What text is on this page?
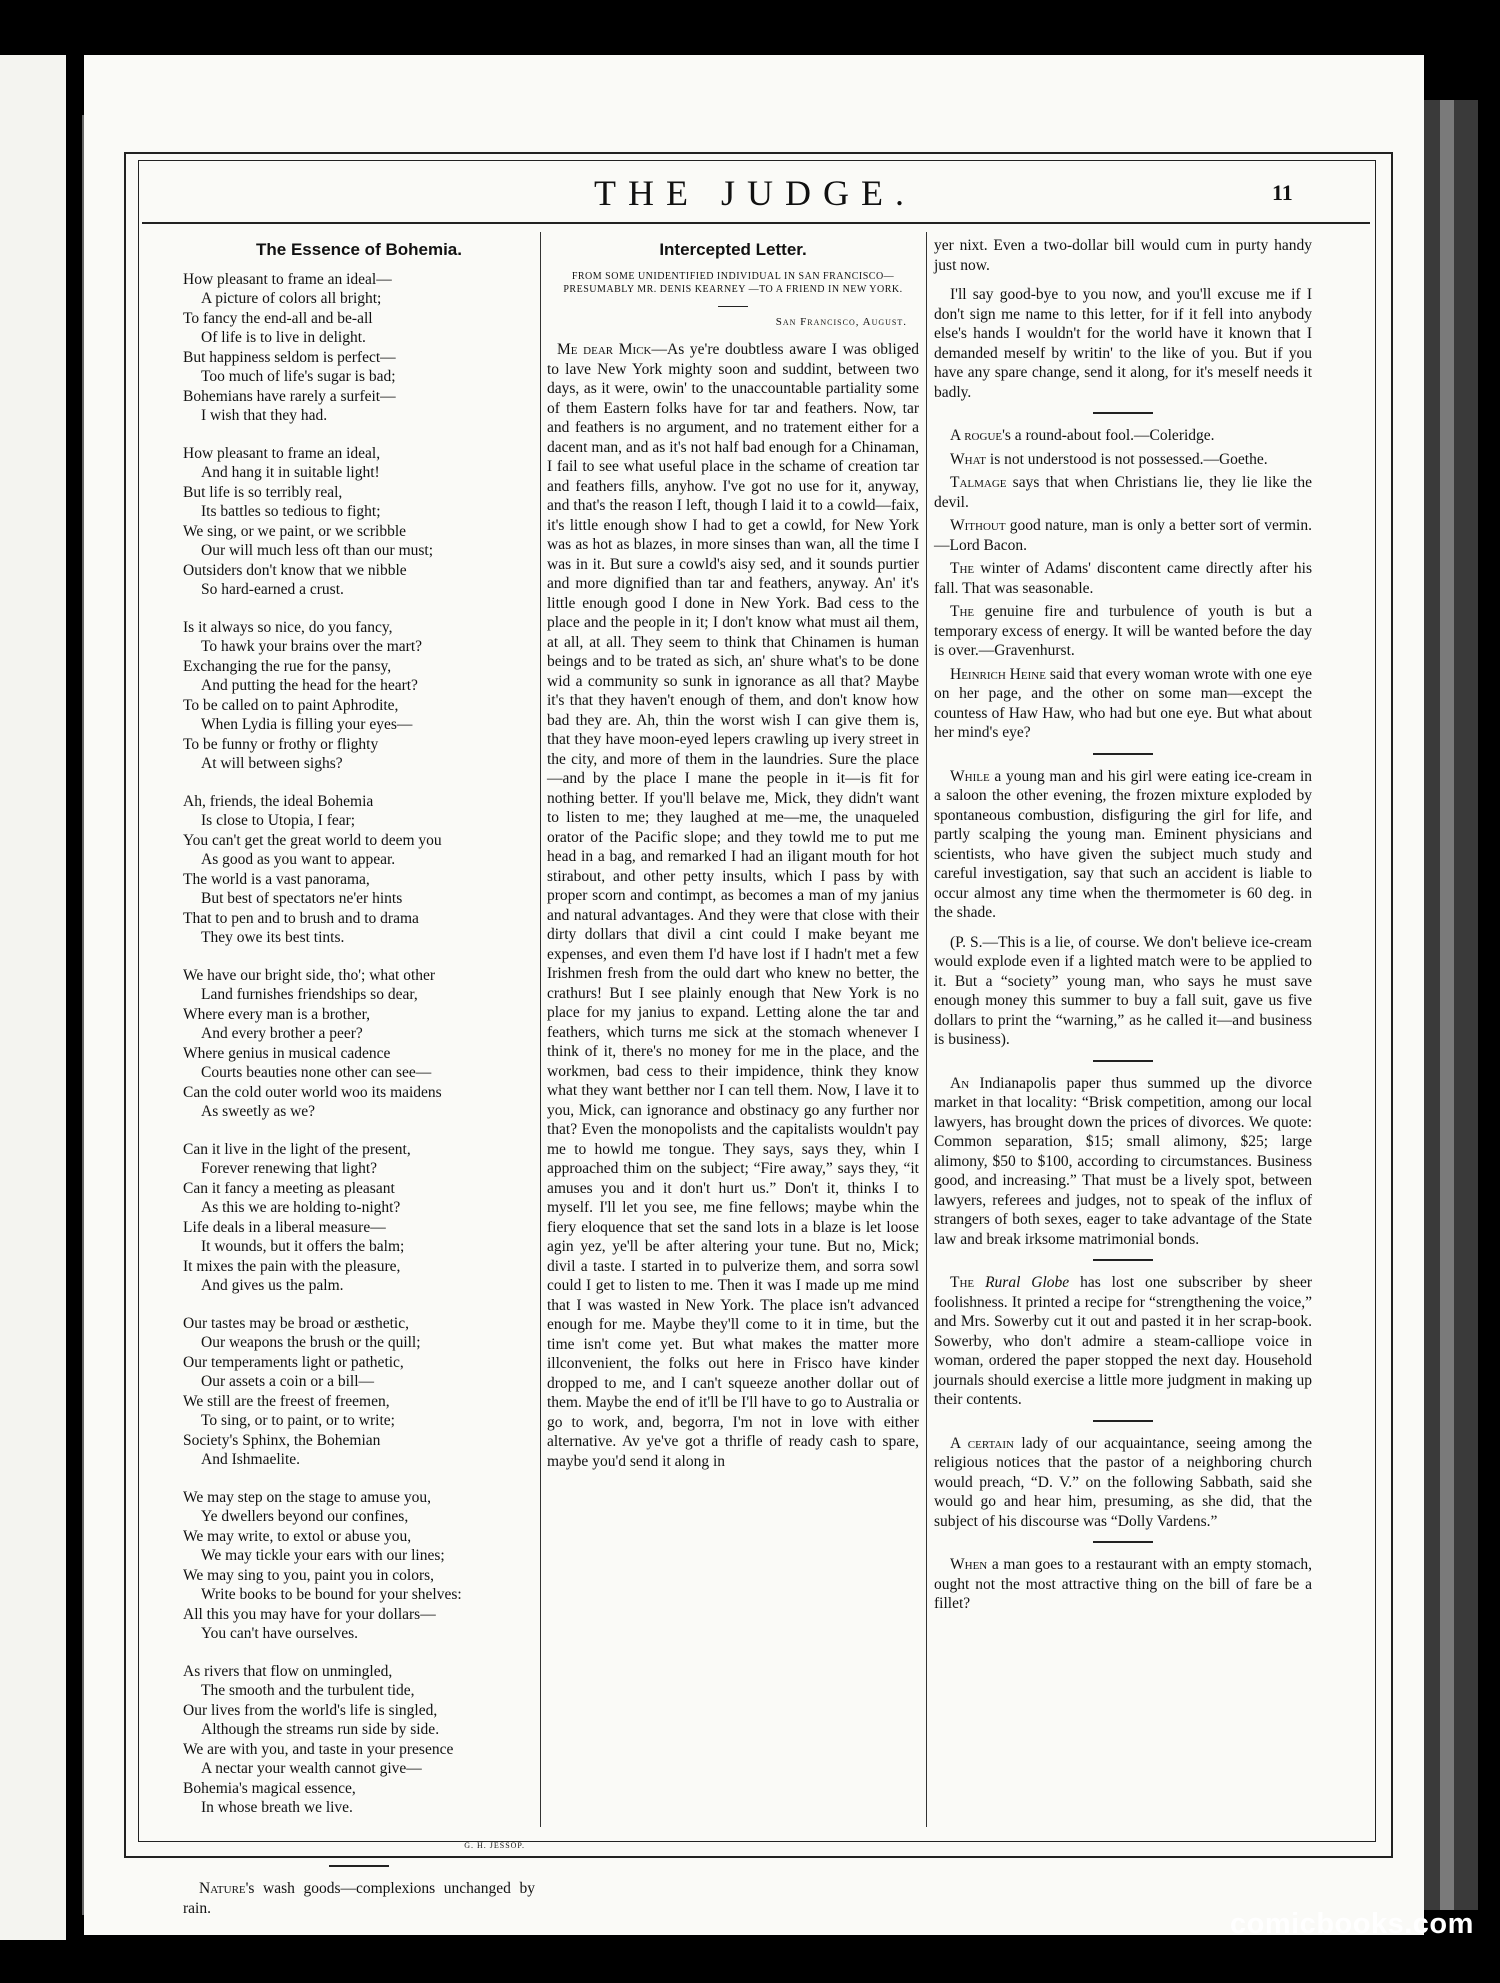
THE JUDGE.	11
The Essence of Bohemia.
How pleasant to frame an ideal—
A picture of colors all bright;
To fancy the end-all and be-all
Of life is to live in delight.
But happiness seldom is perfect—
Too much of life's sugar is bad;
Bohemians have rarely a surfeit—
I wish that they had.
How pleasant to frame an ideal,
And hang it in suitable light!
But life is so terribly real,
Its battles so tedious to fight;
We sing, or we paint, or we scribble
Our will much less oft than our must;
Outsiders don't know that we nibble
So hard-earned a crust.
Is it always so nice, do you fancy,
To hawk your brains over the mart?
Exchanging the rue for the pansy,
And putting the head for the heart?
To be called on to paint Aphrodite,
When Lydia is filling your eyes—
To be funny or frothy or flighty
At will between sighs?
Ah, friends, the ideal Bohemia
Is close to Utopia, I fear;
You can't get the great world to deem you
As good as you want to appear.
The world is a vast panorama,
But best of spectators ne'er hints
That to pen and to brush and to drama
They owe its best tints.
We have our bright side, tho'; what other
Land furnishes friendships so dear,
Where every man is a brother,
And every brother a peer?
Where genius in musical cadence
Courts beauties none other can see—
Can the cold outer world woo its maidens
As sweetly as we?
Can it live in the light of the present,
Forever renewing that light?
Can it fancy a meeting as pleasant
As this we are holding to-night?
Life deals in a liberal measure—
It wounds, but it offers the balm;
It mixes the pain with the pleasure,
And gives us the palm.
Our tastes may be broad or æsthetic,
Our weapons the brush or the quill;
Our temperaments light or pathetic,
Our assets a coin or a bill—
We still are the freest of freemen,
To sing, or to paint, or to write;
Society's Sphinx, the Bohemian
And Ishmaelite.
We may step on the stage to amuse you,
Ye dwellers beyond our confines,
We may write, to extol or abuse you,
We may tickle your ears with our lines;
We may sing to you, paint you in colors,
Write books to be bound for your shelves:
All this you may have for your dollars—
You can't have ourselves.
As rivers that flow on unmingled,
The smooth and the turbulent tide,
Our lives from the world's life is singled,
Although the streams run side by side.
We are with you, and taste in your presence
A nectar your wealth cannot give—
Bohemia's magical essence,
In whose breath we live.
G. H. JESSOP.

Nature's wash goods—complexions unchanged by rain.

Intercepted Letter.
FROM SOME UNIDENTIFIED INDIVIDUAL IN SAN FRANCISCO—PRESUMABLY MR. DENIS KEARNEY —TO A FRIEND IN NEW YORK.
San Francisco, August.

Me dear Mick—As ye're doubtless aware I was obliged to lave New York mighty soon and suddint, between two days, as it were, owin' to the unaccountable partiality some of them Eastern folks have for tar and feathers. Now, tar and feathers is no argument, and no tratement either for a dacent man, and as it's not half bad enough for a Chinaman, I fail to see what useful place in the schame of creation tar and feathers fills, anyhow. I've got no use for it, anyway, and that's the reason I left, though I laid it to a cowld—faix, it's little enough show I had to get a cowld, for New York was as hot as blazes, in more sinses than wan, all the time I was in it. But sure a cowld's aisy sed, and it sounds purtier and more dignified than tar and feathers, anyway. An' it's little enough good I done in New York. Bad cess to the place and the people in it; I don't know what must ail them, at all, at all. They seem to think that Chinamen is human beings and to be trated as sich, an' shure what's to be done wid a community so sunk in ignorance as all that? Maybe it's that they haven't enough of them, and don't know how bad they are. Ah, thin the worst wish I can give them is, that they have moon-eyed lepers crawling up ivery street in the city, and more of them in the laundries. Sure the place—and by the place I mane the people in it—is fit for nothing better. If you'll belave me, Mick, they didn't want to listen to me; they laughed at me—me, the unaqueled orator of the Pacific slope; and they towld me to put me head in a bag, and remarked I had an iligant mouth for hot stirabout, and other petty insults, which I pass by with proper scorn and contimpt, as becomes a man of my janius and natural advantages. And they were that close with their dirty dollars that divil a cint could I make beyant me expenses, and even them I'd have lost if I hadn't met a few Irishmen fresh from the ould dart who knew no better, the crathurs! But I see plainly enough that New York is no place for my janius to expand. Letting alone the tar and feathers, which turns me sick at the stomach whenever I think of it, there's no money for me in the place, and the workmen, bad cess to their impidence, think they know what they want betther nor I can tell them. Now, I lave it to you, Mick, can ignorance and obstinacy go any further nor that? Even the monopolists and the capitalists wouldn't pay me to howld me tongue. They says, says they, whin I approached thim on the subject; “Fire away,” says they, “it amuses you and it don't hurt us.” Don't it, thinks I to myself. I'll let you see, me fine fellows; maybe whin the fiery eloquence that set the sand lots in a blaze is let loose agin yez, ye'll be after altering your tune. But no, Mick; divil a taste. I started in to pulverize them, and sorra sowl could I get to listen to me. Then it was I made up me mind that I was wasted in New York. The place isn't advanced enough for me. Maybe they'll come to it in time, but the time isn't come yet. But what makes the matter more illconvenient, the folks out here in Frisco have kinder dropped to me, and I can't squeeze another dollar out of them. Maybe the end of it'll be I'll have to go to Australia or go to work, and, begorra, I'm not in love with either alternative. Av ye've got a thrifle of ready cash to spare, maybe you'd send it along in

yer nixt. Even a two-dollar bill would cum in purty handy just now.

I'll say good-bye to you now, and you'll excuse me if I don't sign me name to this letter, for if it fell into anybody else's hands I wouldn't for the world have it known that I demanded meself by writin' to the like of you. But if you have any spare change, send it along, for it's meself needs it badly.

A rogue's a round-about fool.—Coleridge.

What is not understood is not possessed.—Goethe.

Talmage says that when Christians lie, they lie like the devil.

Without good nature, man is only a better sort of vermin.—Lord Bacon.

The winter of Adams' discontent came directly after his fall. That was seasonable.

The genuine fire and turbulence of youth is but a temporary excess of energy. It will be wanted before the day is over.—Gravenhurst.

Heinrich Heine said that every woman wrote with one eye on her page, and the other on some man—except the countess of Haw Haw, who had but one eye. But what about her mind's eye?

While a young man and his girl were eating ice-cream in a saloon the other evening, the frozen mixture exploded by spontaneous combustion, disfiguring the girl for life, and partly scalping the young man. Eminent physicians and scientists, who have given the subject much study and careful investigation, say that such an accident is liable to occur almost any time when the thermometer is 60 deg. in the shade.

(P. S.—This is a lie, of course. We don't believe ice-cream would explode even if a lighted match were to be applied to it. But a “society” young man, who says he must save enough money this summer to buy a fall suit, gave us five dollars to print the “warning,” as he called it—and business is business).

An Indianapolis paper thus summed up the divorce market in that locality: “Brisk competition, among our local lawyers, has brought down the prices of divorces. We quote: Common separation, $15; small alimony, $25; large alimony, $50 to $100, according to circumstances. Business good, and increasing.” That must be a lively spot, between lawyers, referees and judges, not to speak of the influx of strangers of both sexes, eager to take advantage of the State law and break irksome matrimonial bonds.

The Rural Globe has lost one subscriber by sheer foolishness. It printed a recipe for “strengthening the voice,” and Mrs. Sowerby cut it out and pasted it in her scrap-book. Sowerby, who don't admire a steam-calliope voice in woman, ordered the paper stopped the next day. Household journals should exercise a little more judgment in making up their contents.

A certain lady of our acquaintance, seeing among the religious notices that the pastor of a neighboring church would preach, “D. V.” on the following Sabbath, said she would go and hear him, presuming, as she did, that the subject of his discourse was “Dolly Vardens.”

When a man goes to a restaurant with an empty stomach, ought not the most attractive thing on the bill of fare be a fillet?

comicbooks.com
